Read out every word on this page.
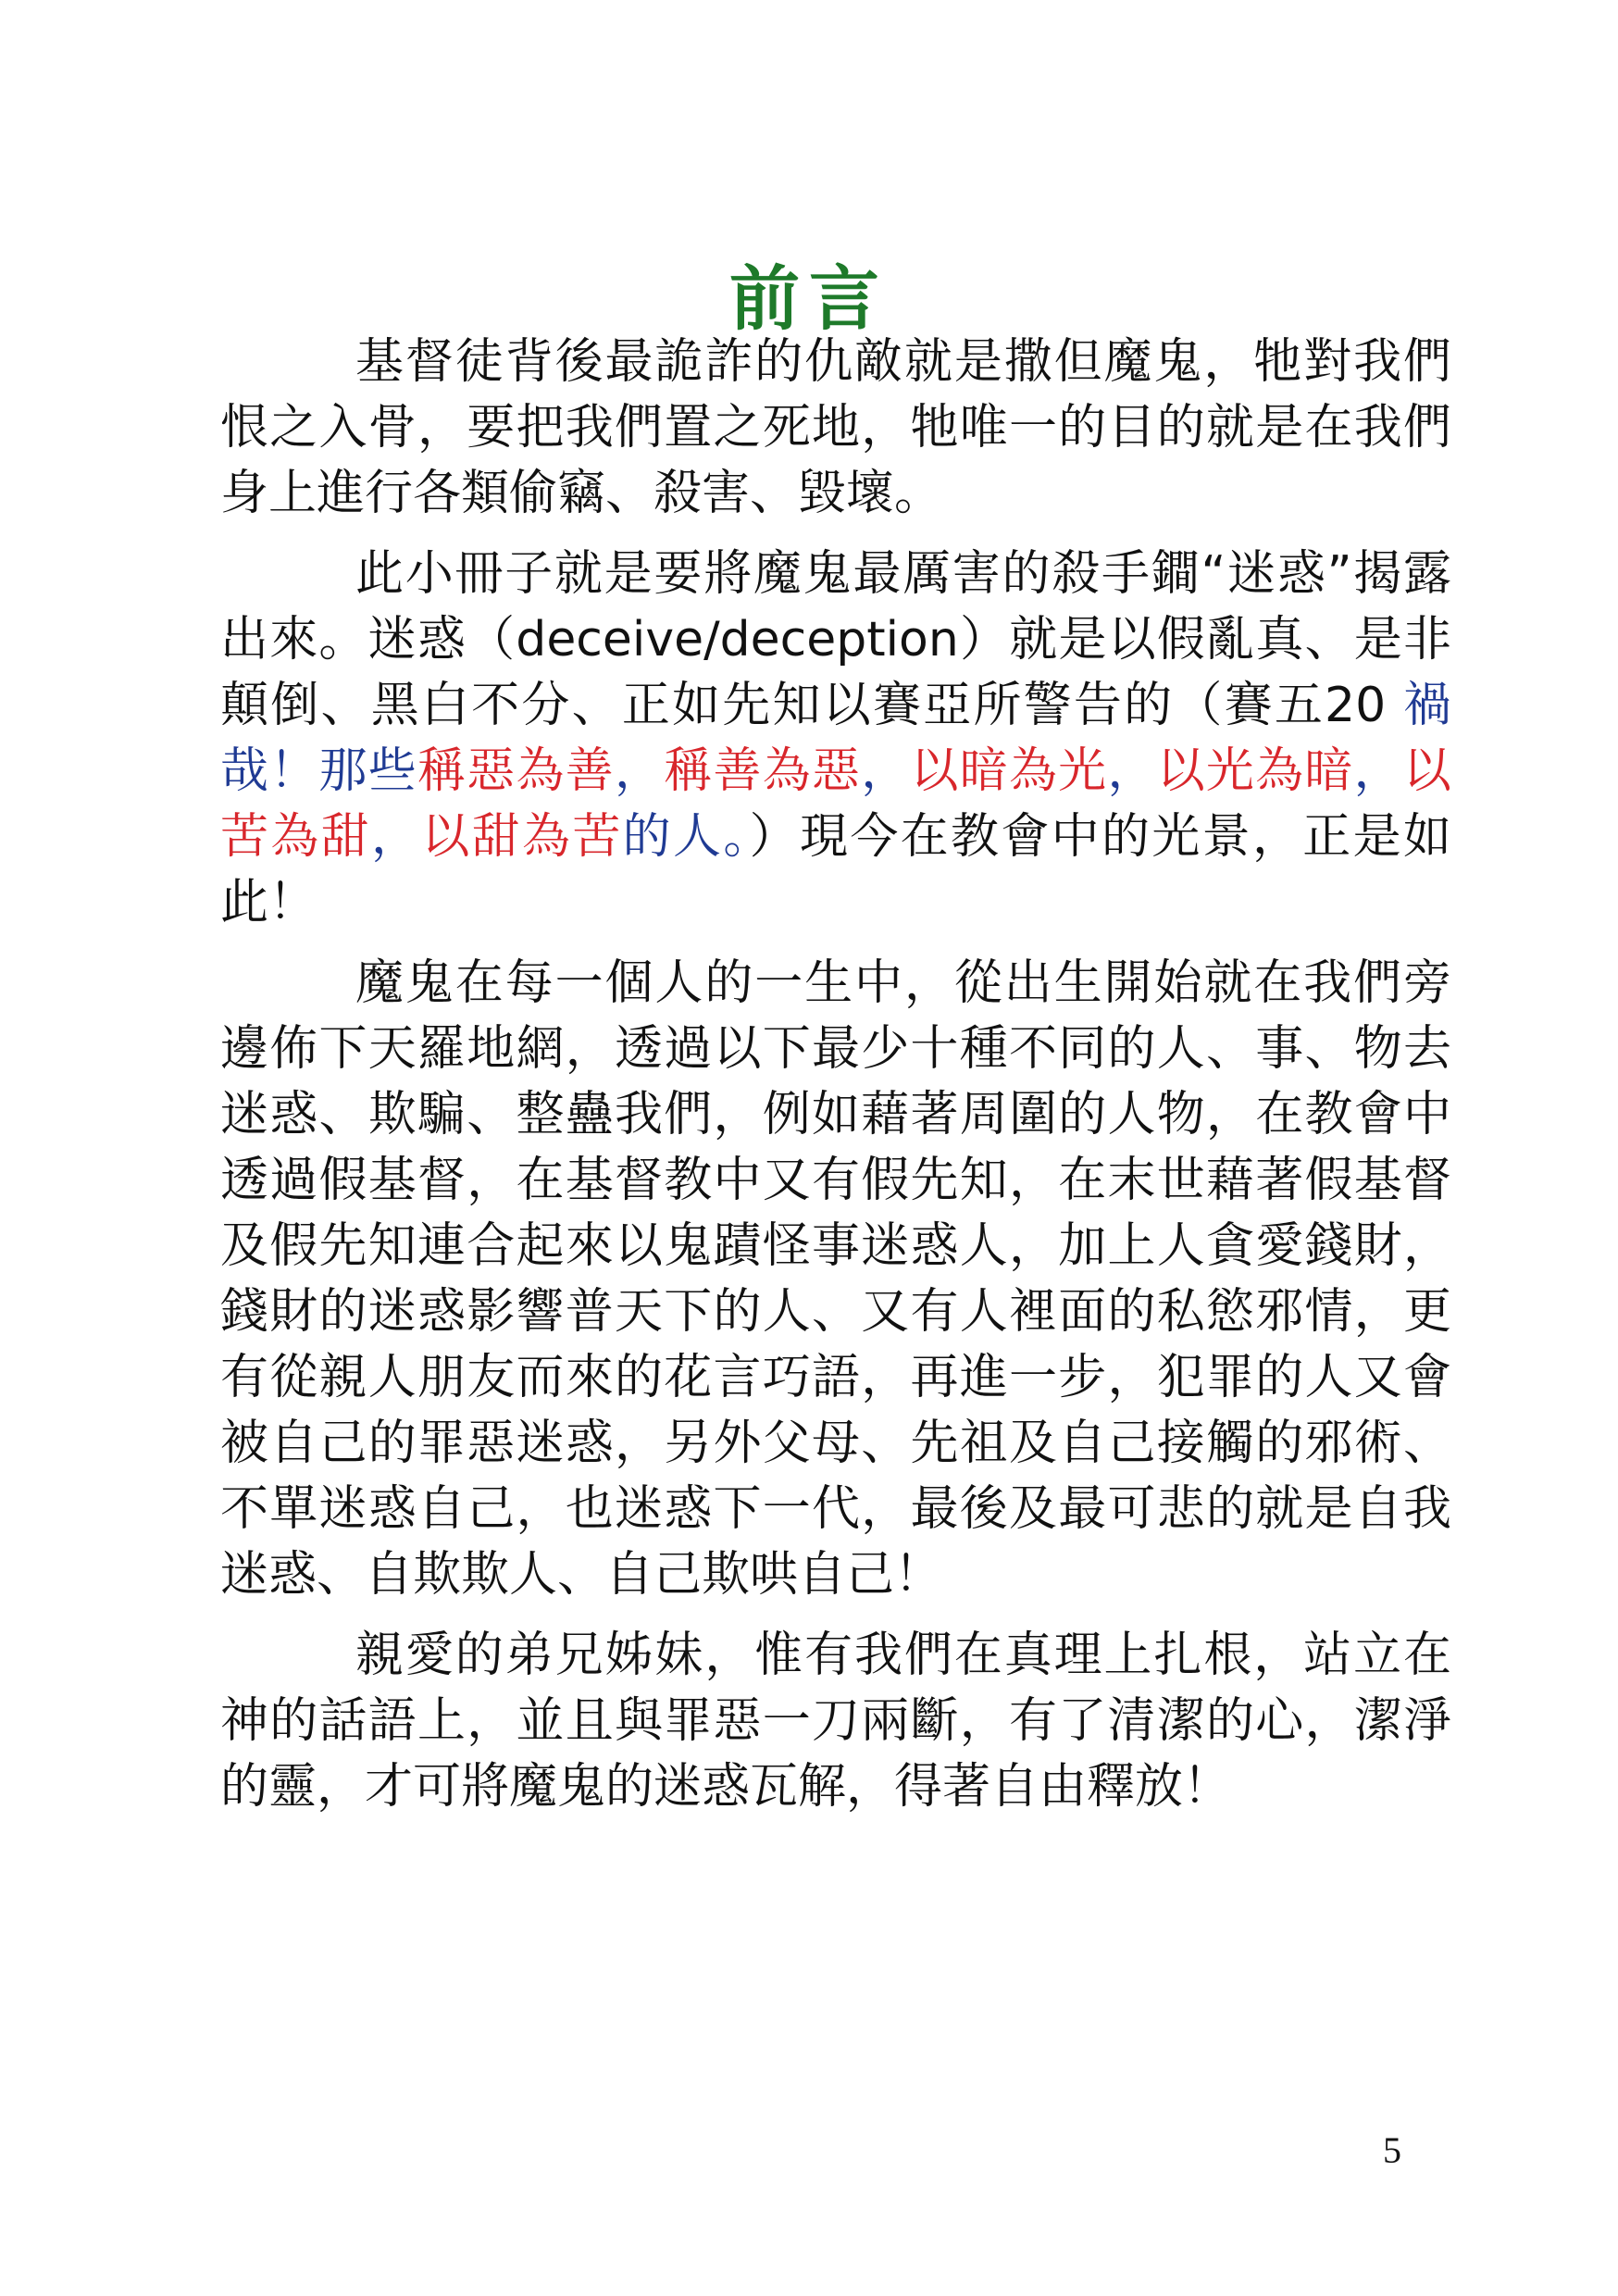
前言

基督徒背後最詭詐的仇敵就是撒但魔鬼，牠對我們恨之入骨，要把我們置之死地，牠唯一的目的就是在我們身上進行各類偷竊、殺害、毀壞。

此小冊子就是要將魔鬼最厲害的殺手鐧“迷惑”揭露出來。迷惑（deceive/deception）就是以假亂真、是非顛倒、黑白不分、正如先知以賽亞所警告的（賽五20 禍哉！那些稱惡為善，稱善為惡，以暗為光，以光為暗，以苦為甜，以甜為苦的人。）現今在教會中的光景，正是如此！

魔鬼在每一個人的一生中，從出生開始就在我們旁邊佈下天羅地網，透過以下最少十種不同的人、事、物去迷惑、欺騙、整蠱我們，例如藉著周圍的人物，在教會中透過假基督，在基督教中又有假先知，在末世藉著假基督及假先知連合起來以鬼蹟怪事迷惑人，加上人貪愛錢財，錢財的迷惑影響普天下的人、又有人裡面的私慾邪情，更有從親人朋友而來的花言巧語，再進一步，犯罪的人又會被自己的罪惡迷惑，另外父母、先祖及自己接觸的邪術、不單迷惑自己，也迷惑下一代，最後及最可悲的就是自我迷惑、自欺欺人、自己欺哄自己！

親愛的弟兄姊妹，惟有我們在真理上扎根，站立在神的話語上，並且與罪惡一刀兩斷，有了清潔的心，潔淨的靈，才可將魔鬼的迷惑瓦解，得著自由釋放！

5
